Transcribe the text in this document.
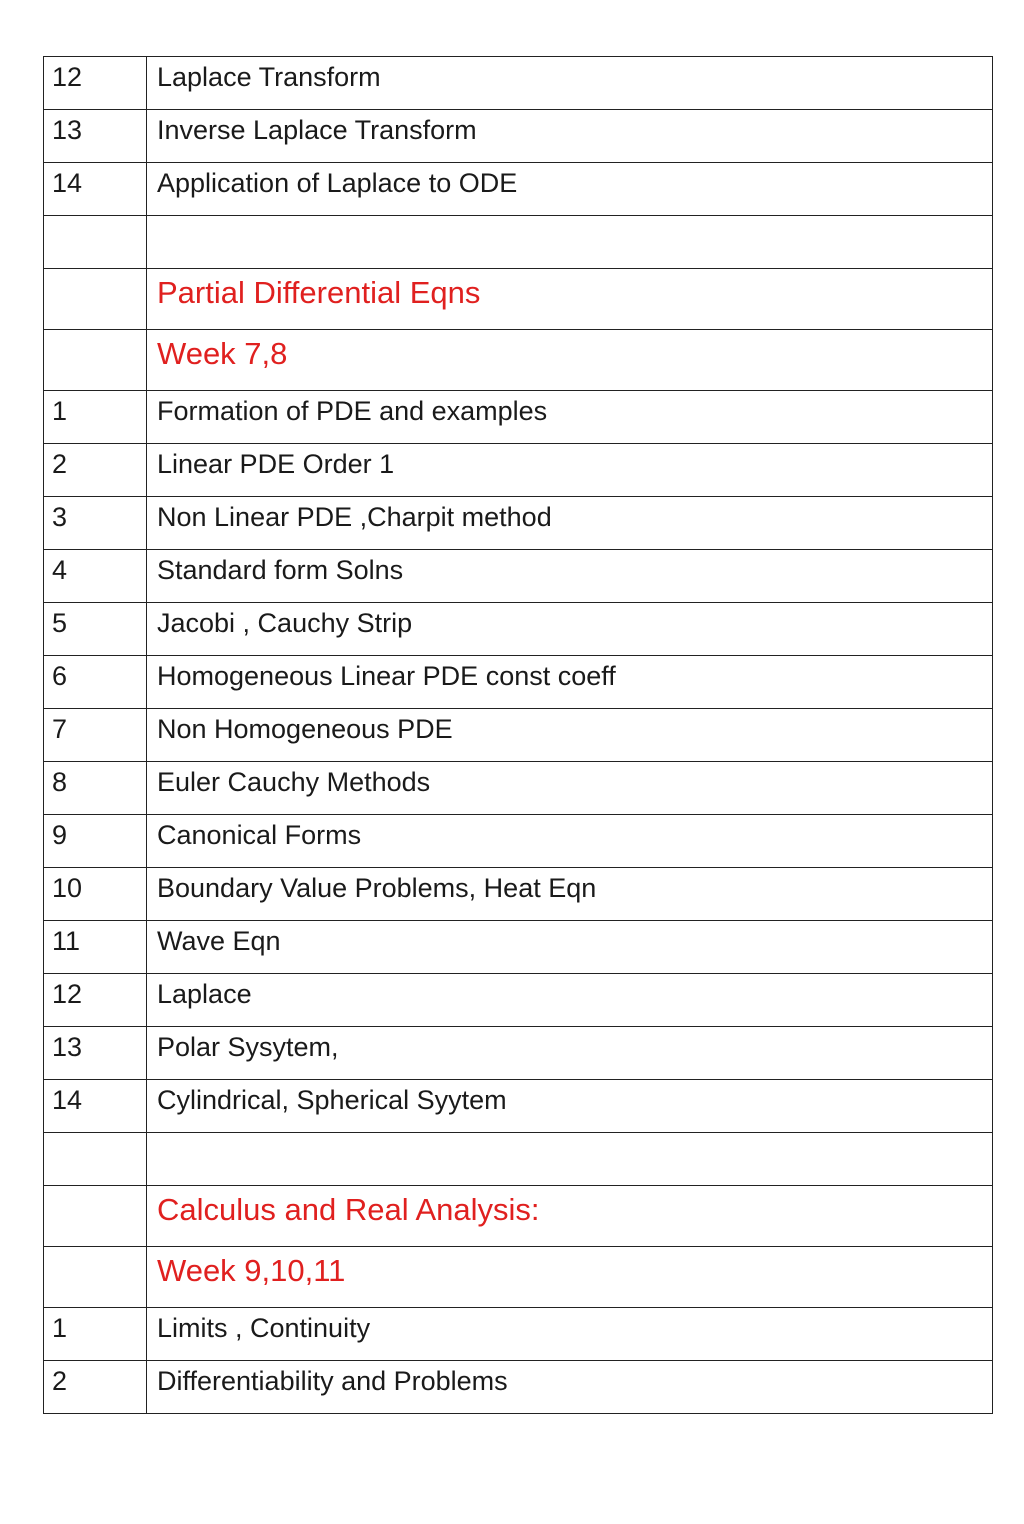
12	Laplace Transform
13	Inverse Laplace Transform
14	Application of Laplace to ODE

	Partial Differential Eqns
	Week 7,8
1	Formation of PDE and examples
2	Linear PDE Order 1
3	Non Linear PDE ,Charpit method
4	Standard form Solns
5	Jacobi , Cauchy Strip
6	Homogeneous Linear PDE const coeff
7	Non Homogeneous PDE
8	Euler Cauchy Methods
9	Canonical Forms
10	Boundary Value Problems, Heat Eqn
11	Wave Eqn
12	Laplace
13	Polar Sysytem,
14	Cylindrical, Spherical Syytem

	Calculus and Real Analysis:
	Week 9,10,11
1	Limits , Continuity
2	Differentiability and Problems
